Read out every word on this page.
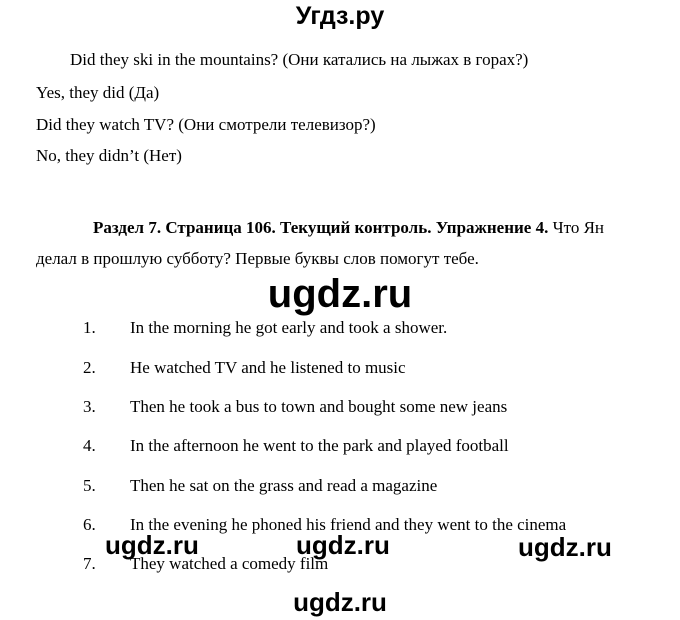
Угдз.ру
Did they ski in the mountains? (Они катались на лыжах в горах?)
Yes, they did (Да)
Did they watch TV? (Они смотрели телевизор?)
No, they didn’t (Нет)
Раздел 7. Страница 106. Текущий контроль. Упражнение 4. Что Ян
делал в прошлую субботу? Первые буквы слов помогут тебе.
ugdz.ru
1. In the morning he got early and took a shower.
2. He watched TV and he listened to music
3. Then he took a bus to town and bought some new jeans
4. In the afternoon he went to the park and played football
5. Then he sat on the grass and read a magazine
6. In the evening he phoned his friend and they went to the cinema
ugdz.ru	ugdz.ru	ugdz.ru
7. They watched a comedy film
ugdz.ru
